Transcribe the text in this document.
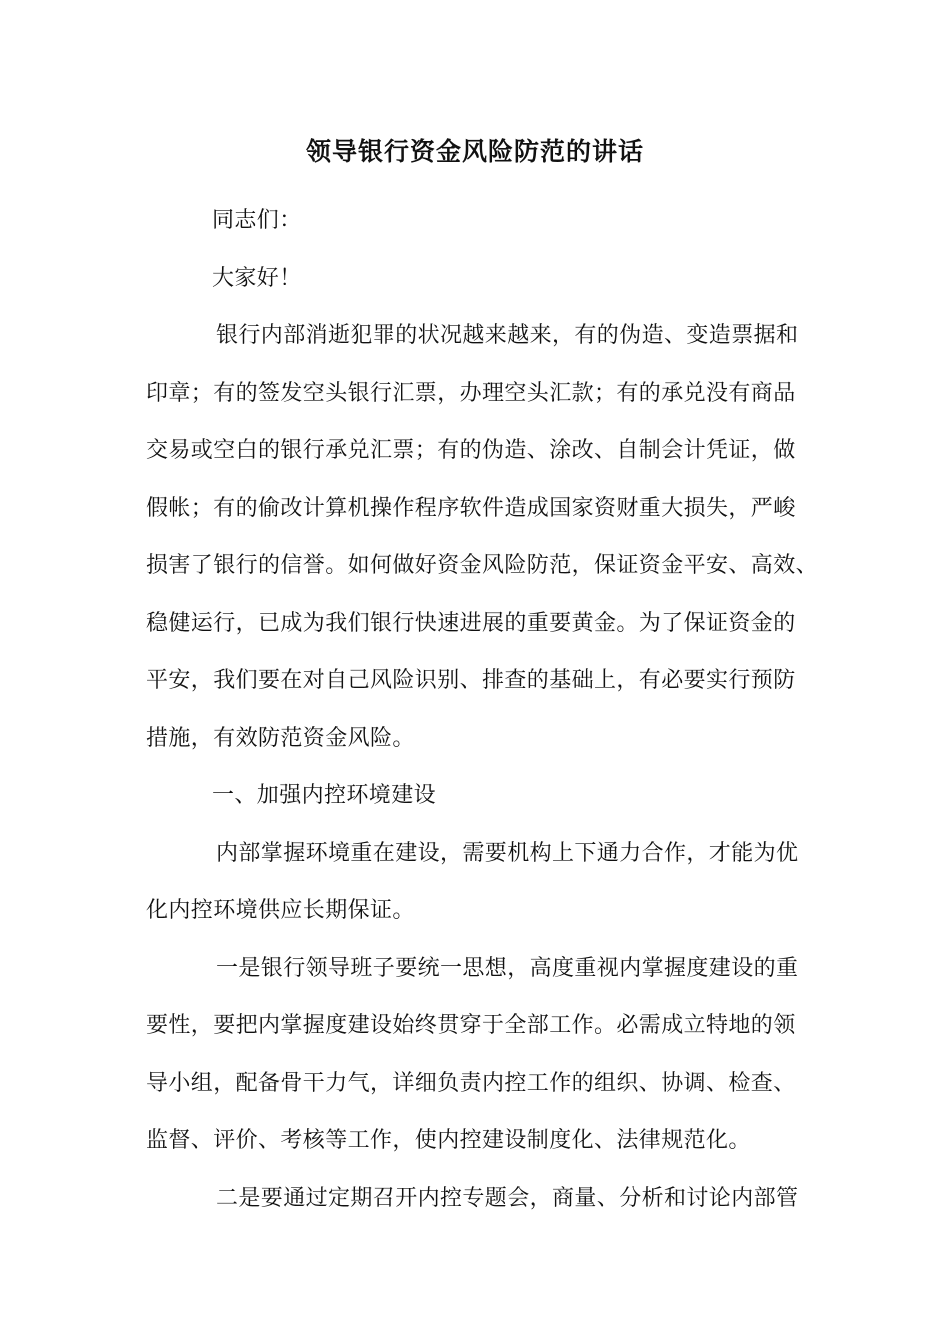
领导银行资金风险防范的讲话
同志们：
大家好！
银行内部消逝犯罪的状况越来越来，有的伪造、变造票据和
印章；有的签发空头银行汇票，办理空头汇款；有的承兑没有商品
交易或空白的银行承兑汇票；有的伪造、涂改、自制会计凭证，做
假帐；有的偷改计算机操作程序软件造成国家资财重大损失，严峻
损害了银行的信誉。如何做好资金风险防范，保证资金平安、高效、
稳健运行，已成为我们银行快速进展的重要黄金。为了保证资金的
平安，我们要在对自己风险识别、排查的基础上，有必要实行预防
措施，有效防范资金风险。
一、加强内控环境建设
内部掌握环境重在建设，需要机构上下通力合作，才能为优
化内控环境供应长期保证。
一是银行领导班子要统一思想，高度重视内掌握度建设的重
要性，要把内掌握度建设始终贯穿于全部工作。必需成立特地的领
导小组，配备骨干力气，详细负责内控工作的组织、协调、检查、
监督、评价、考核等工作，使内控建设制度化、法律规范化。
二是要通过定期召开内控专题会，商量、分析和讨论内部管
